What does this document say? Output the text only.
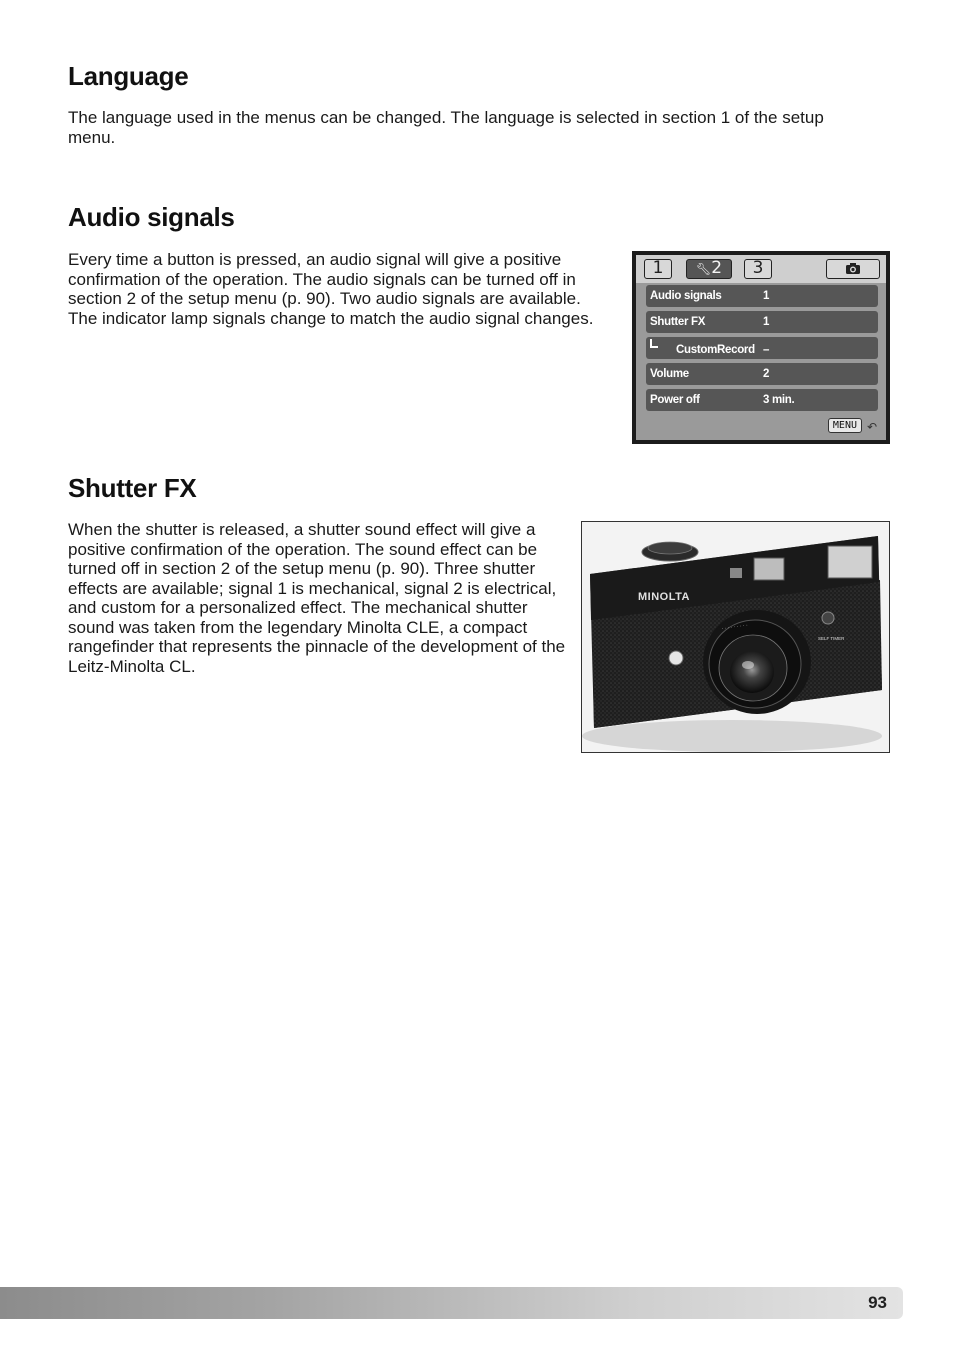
Language

The language used in the menus can be changed. The language is selected in section 1 of the setup menu.

Audio signals

Every time a button is pressed, an audio signal will give a positive confirmation of the operation. The audio signals can be turned off in section 2 of the setup menu (p. 90). Two audio signals are available. The indicator lamp signals change to match the audio signal changes.

1	🔧︎2	3
Audio signals	1
Shutter FX	1
CustomRecord –
Volume	2
Power off	3 min.
MENU ↶
Shutter FX

When the shutter is released, a shutter sound effect will give a positive confirmation of the operation. The sound effect can be turned off in section 2 of the setup menu (p. 90). Three shutter effects are available; signal 1 is mechanical, signal 2 is electrical, and custom for a personalized effect. The mechanical shutter sound was taken from the legendary Minolta CLE, a compact rangefinder that represents the pinnacle of the development of the Leitz-Minolta CL.

MINOLTA
SELF TIMER
· · · · · · · · ·
93
